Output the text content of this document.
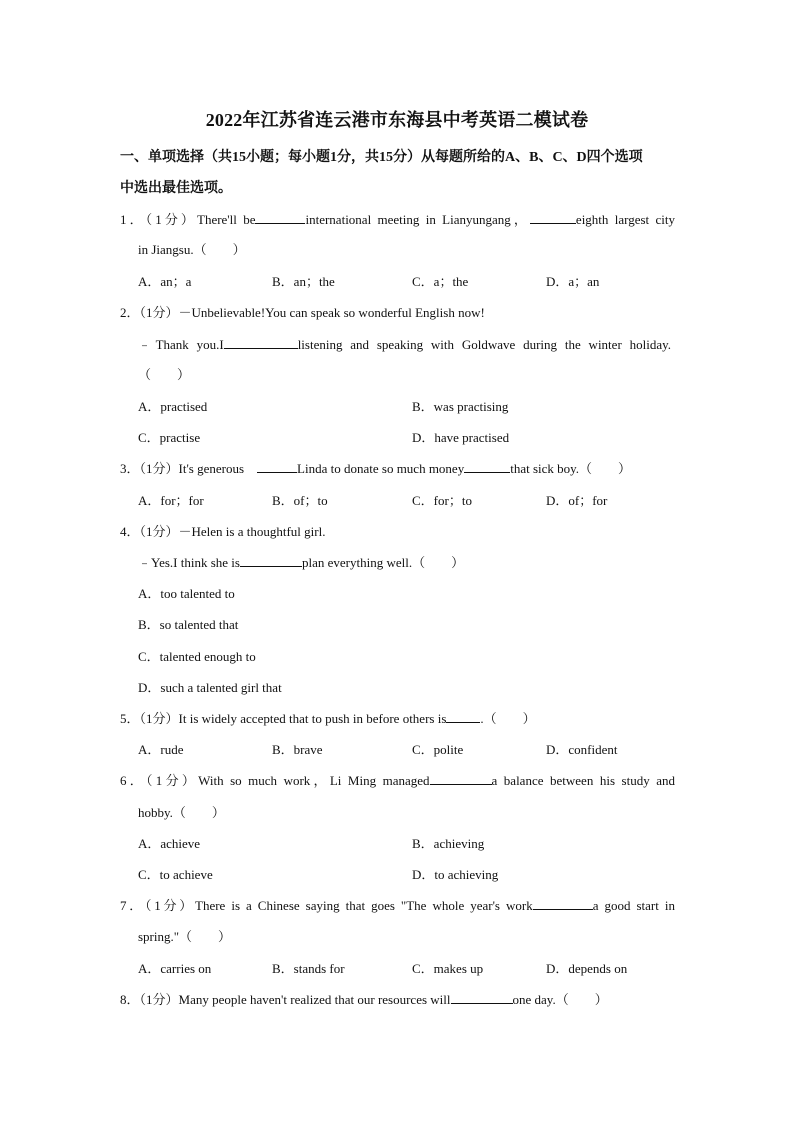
2022年江苏省连云港市东海县中考英语二模试卷
一、单项选择（共15小题；每小题1分，共15分）从每题所给的A、B、C、D四个选项
中选出最佳选项。
1．（1分）There'll be	international meeting in Lianyungang，	eighth largest city
in Jiangsu.（　　）
A．an；a	B．an；the	C．a；the	D．a；an
2．（1分）－Unbelievable!You can speak so wonderful English now!
﹣Thank you.I	listening and speaking with Goldwave during the winter holiday.
（　　）
A．practised	B．was practising
C．practise	D．have practised
3．（1分）It's generous	Linda to donate so much money	that sick boy.（　　）
A．for；for	B．of；to	C．for；to	D．of；for
4．（1分）－Helen is a thoughtful girl.
﹣Yes.I think she is	plan everything well.（　　）
A．too talented to
B．so talented that
C．talented enough to
D．such a talented girl that
5．（1分）It is widely accepted that to push in before others is	.（　　）
A．rude	B．brave	C．polite	D．confident
6．（1分）With so much work，Li Ming managed	a balance between his study and
hobby.（　　）
A．achieve	B．achieving
C．to achieve	D．to achieving
7．（1分）There is a Chinese saying that goes "The whole year's work	a good start in
spring."（　　）
A．carries on	B．stands for	C．makes up	D．depends on
8．（1分）Many people haven't realized that our resources will	one day.（　　）
